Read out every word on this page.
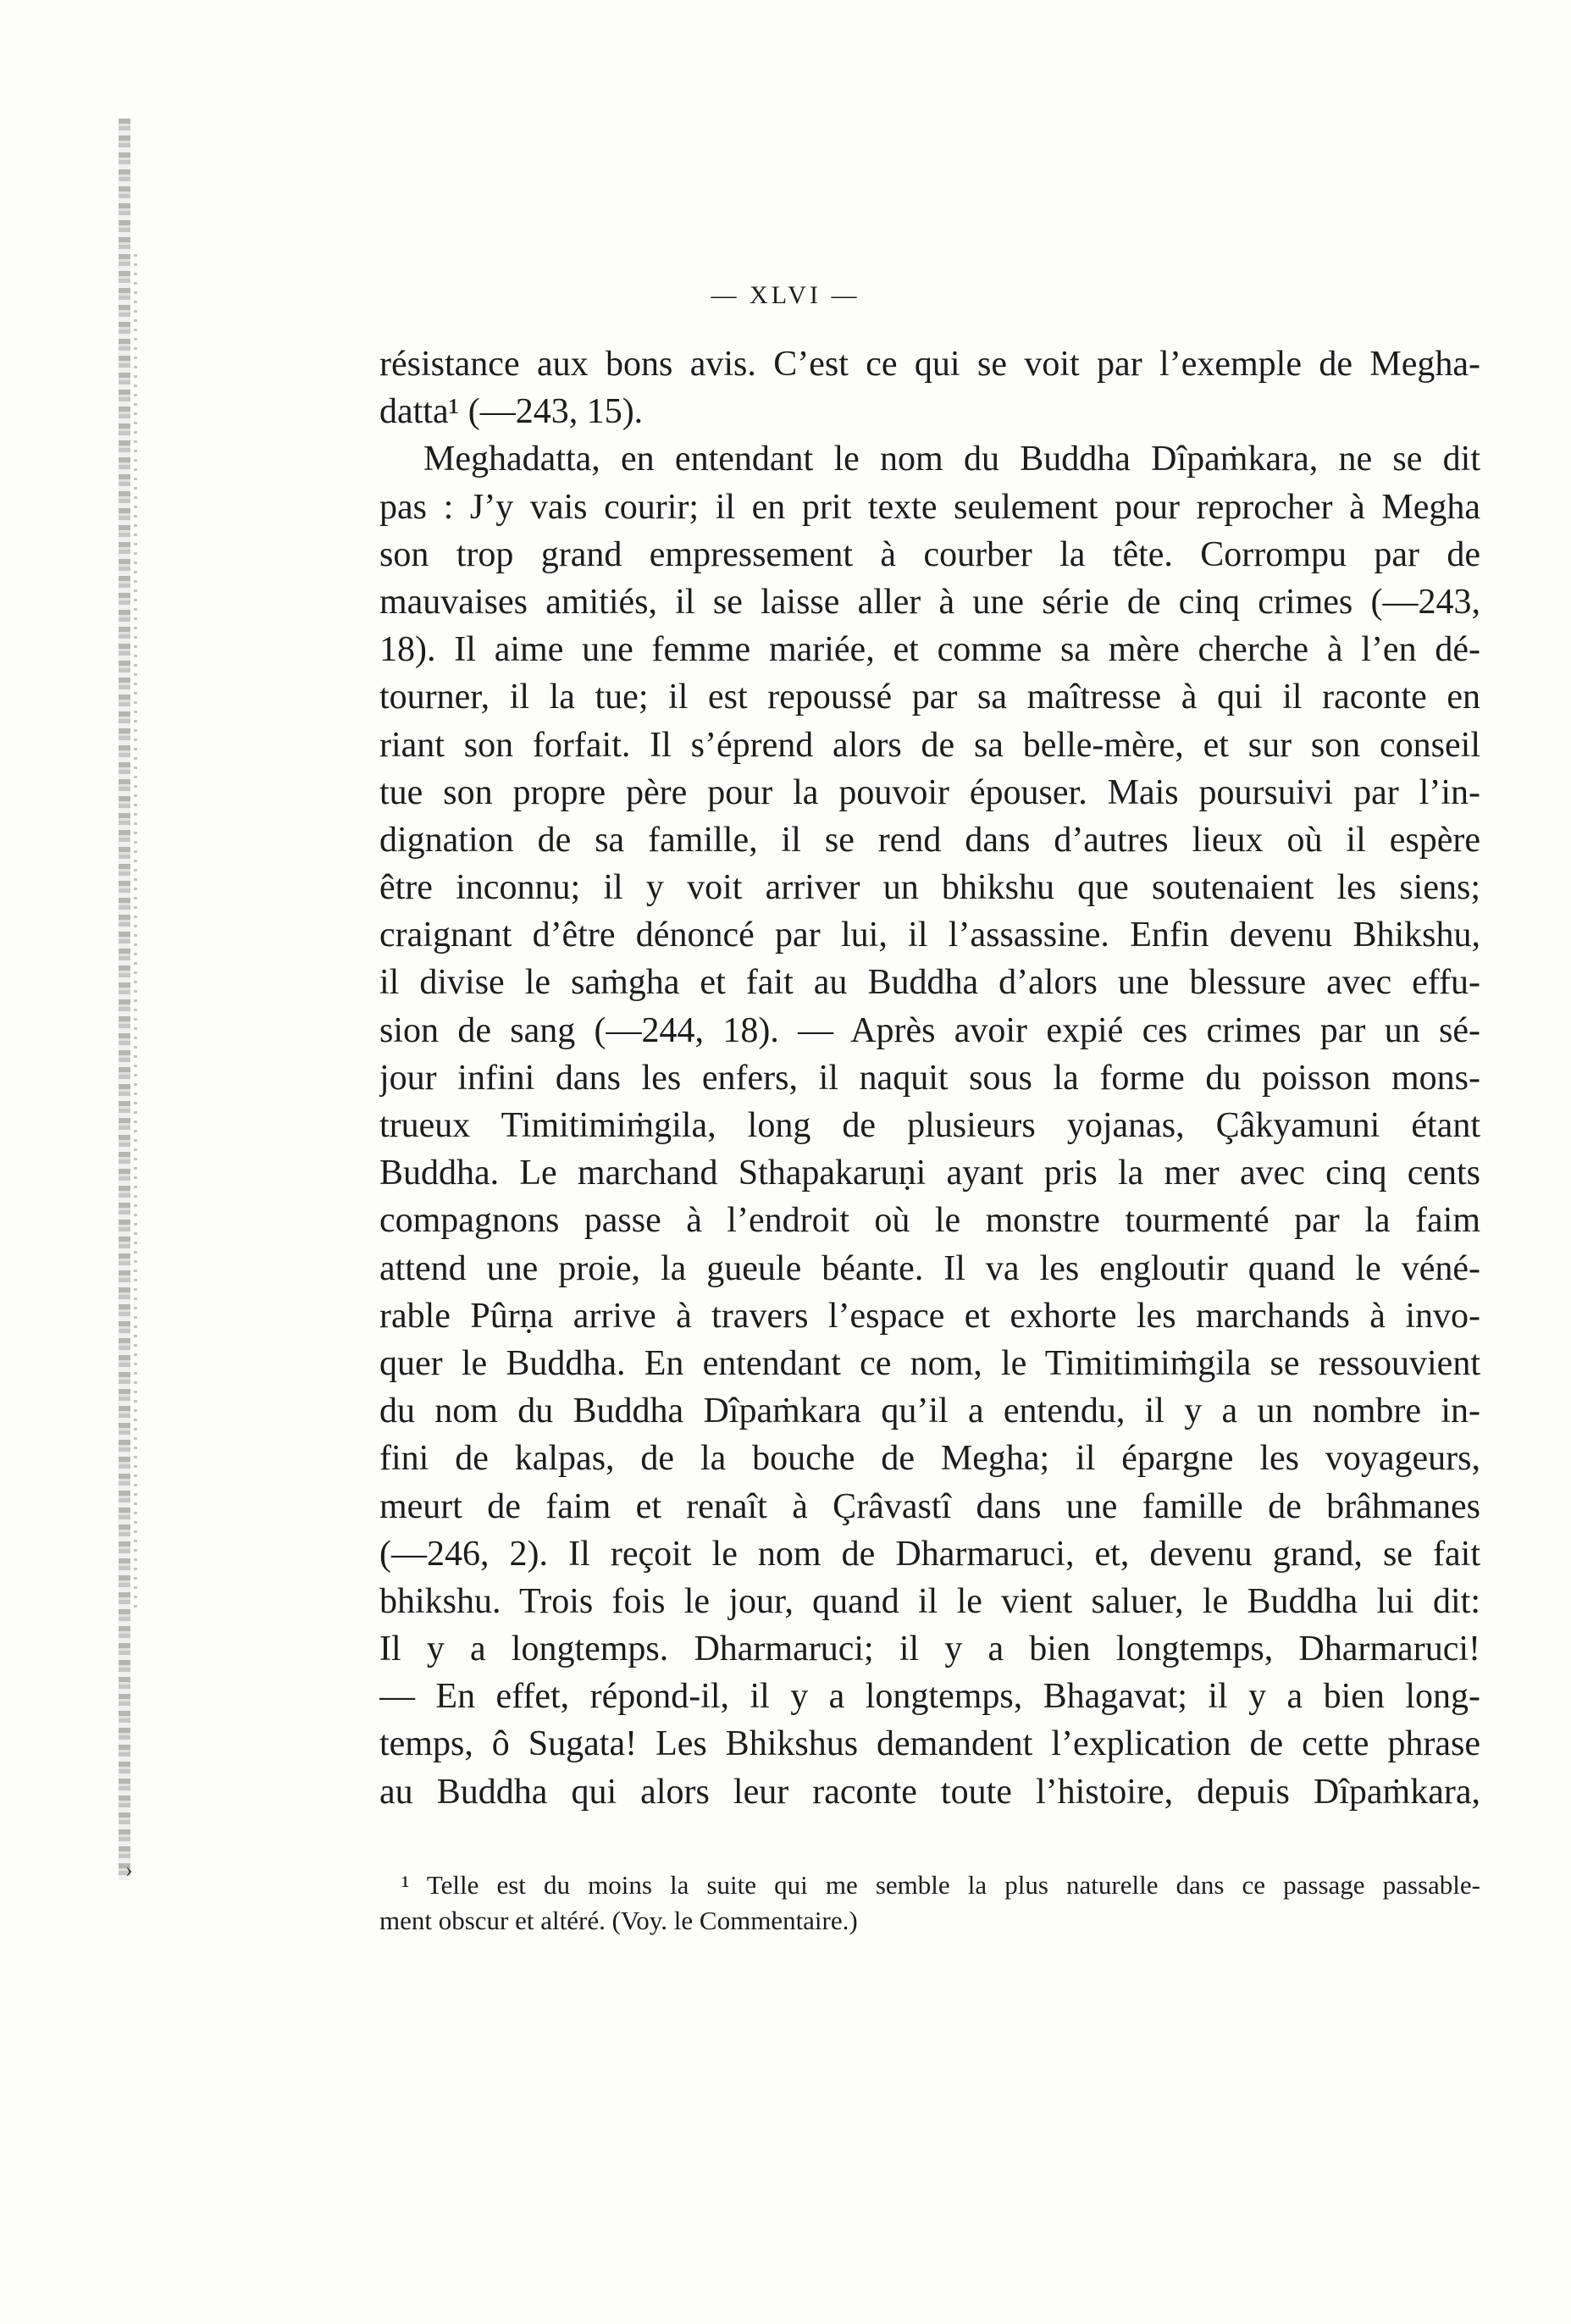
— XLVI —
résistance aux bons avis. C’est ce qui se voit par l’exemple de Megha-
datta¹ (—243, 15).
Meghadatta, en entendant le nom du Buddha Dîpaṁkara, ne se dit
pas : J’y vais courir; il en prit texte seulement pour reprocher à Megha
son trop grand empressement à courber la tête. Corrompu par de
mauvaises amitiés, il se laisse aller à une série de cinq crimes (—243,
18). Il aime une femme mariée, et comme sa mère cherche à l’en dé-
tourner, il la tue; il est repoussé par sa maîtresse à qui il raconte en
riant son forfait. Il s’éprend alors de sa belle-mère, et sur son conseil
tue son propre père pour la pouvoir épouser. Mais poursuivi par l’in-
dignation de sa famille, il se rend dans d’autres lieux où il espère
être inconnu; il y voit arriver un bhikshu que soutenaient les siens;
craignant d’être dénoncé par lui, il l’assassine. Enfin devenu Bhikshu,
il divise le saṁgha et fait au Buddha d’alors une blessure avec effu-
sion de sang (—244, 18). — Après avoir expié ces crimes par un sé-
jour infini dans les enfers, il naquit sous la forme du poisson mons-
trueux Timitimiṁgila, long de plusieurs yojanas, Çâkyamuni étant
Buddha. Le marchand Sthapakaruṇi ayant pris la mer avec cinq cents
compagnons passe à l’endroit où le monstre tourmenté par la faim
attend une proie, la gueule béante. Il va les engloutir quand le véné-
rable Pûrṇa arrive à travers l’espace et exhorte les marchands à invo-
quer le Buddha. En entendant ce nom, le Timitimiṁgila se ressouvient
du nom du Buddha Dîpaṁkara qu’il a entendu, il y a un nombre in-
fini de kalpas, de la bouche de Megha; il épargne les voyageurs,
meurt de faim et renaît à Çrâvastî dans une famille de brâhmanes
(—246, 2). Il reçoit le nom de Dharmaruci, et, devenu grand, se fait
bhikshu. Trois fois le jour, quand il le vient saluer, le Buddha lui dit:
Il y a longtemps. Dharmaruci; il y a bien longtemps, Dharmaruci!
— En effet, répond-il, il y a longtemps, Bhagavat; il y a bien long-
temps, ô Sugata! Les Bhikshus demandent l’explication de cette phrase
au Buddha qui alors leur raconte toute l’histoire, depuis Dîpaṁkara,
›
¹ Telle est du moins la suite qui me semble la plus naturelle dans ce passage passable-
ment obscur et altéré. (Voy. le Commentaire.)
